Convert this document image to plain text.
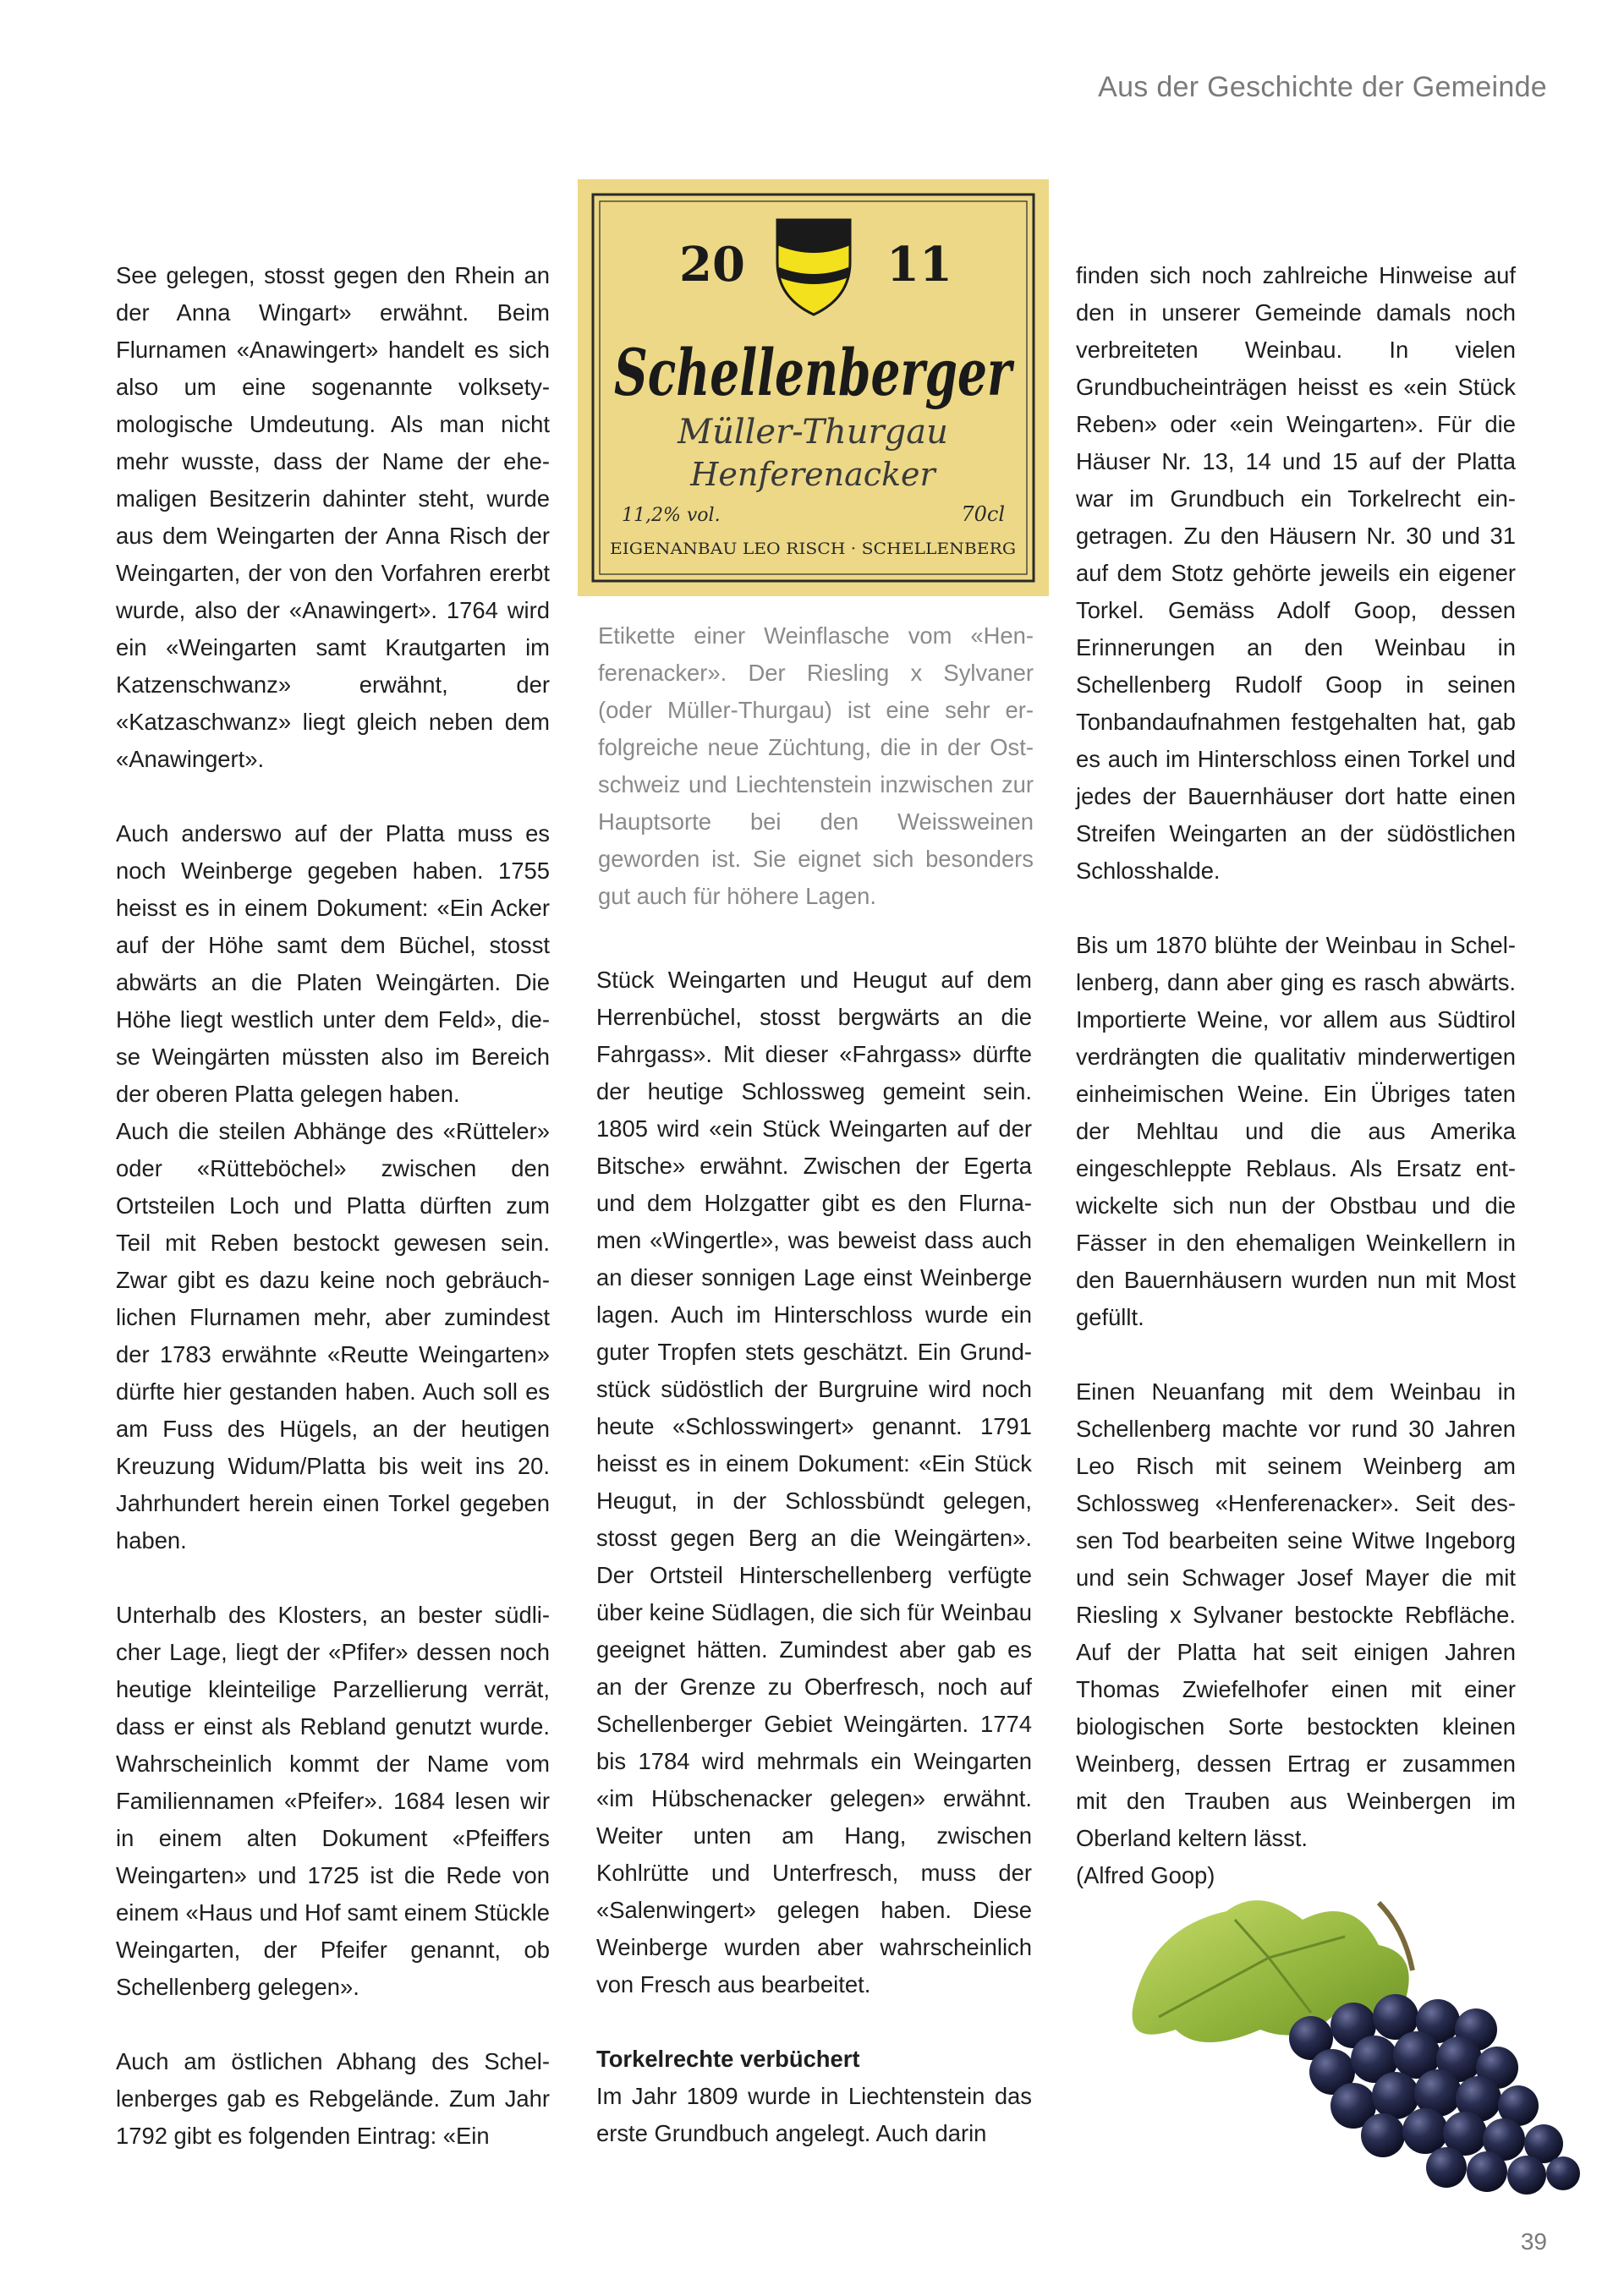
Aus der Geschichte der Gemeinde

See gelegen, stosst gegen den Rhein an der Anna Wingart» erwähnt. Beim Flurnamen «Anawingert» handelt es sich also um eine sogenannte volksetymologische Umdeutung. Als man nicht mehr wusste, dass der Name der ehemaligen Besitzerin dahinter steht, wurde aus dem Weingarten der Anna Risch der Weingarten, der von den Vorfahren ererbt wurde, also der «Anawingert». 1764 wird ein «Weingarten samt Krautgarten im Katzenschwanz» erwähnt, der «Katzaschwanz» liegt gleich neben dem «Anawingert».

Auch anderswo auf der Platta muss es noch Weinberge gegeben haben. 1755 heisst es in einem Dokument: «Ein Acker auf der Höhe samt dem Büchel, stosst abwärts an die Platen Weingärten. Die Höhe liegt westlich unter dem Feld», diese Weingärten müssten also im Bereich der oberen Platta gelegen haben.

Auch die steilen Abhänge des «Rütteler» oder «Rütteböchel» zwischen den Ortsteilen Loch und Platta dürften zum Teil mit Reben bestockt gewesen sein. Zwar gibt es dazu keine noch gebräuchlichen Flurnamen mehr, aber zumindest der 1783 erwähnte «Reutte Weingarten» dürfte hier gestanden haben. Auch soll es am Fuss des Hügels, an der heutigen Kreuzung Widum/Platta bis weit ins 20. Jahrhundert herein einen Torkel gegeben haben.

Unterhalb des Klosters, an bester südlicher Lage, liegt der «Pfifer» dessen noch heutige kleinteilige Parzellierung verrät, dass er einst als Rebland genutzt wurde. Wahrscheinlich kommt der Name vom Familiennamen «Pfeifer». 1684 lesen wir in einem alten Dokument «Pfeiffers Weingarten» und 1725 ist die Rede von einem «Haus und Hof samt einem Stückle Weingarten, der Pfeifer genannt, ob Schellenberg gelegen».

Auch am östlichen Abhang des Schellenberges gab es Rebgelände. Zum Jahr 1792 gibt es folgenden Eintrag: «Ein

20	11
Schellenberger
Müller-Thurgau
Henferenacker
11,2% vol.	70cl
EIGENANBAU LEO RISCH · SCHELLENBERG
Etikette einer Weinflasche vom «Henferenacker». Der Riesling x Sylvaner (oder Müller-Thurgau) ist eine sehr erfolgreiche neue Züchtung, die in der Ostschweiz und Liechtenstein inzwischen zur Hauptsorte bei den Weissweinen geworden ist. Sie eignet sich besonders gut auch für höhere Lagen.

Stück Weingarten und Heugut auf dem Herrenbüchel, stosst bergwärts an die Fahrgass». Mit dieser «Fahrgass» dürfte der heutige Schlossweg gemeint sein. 1805 wird «ein Stück Weingarten auf der Bitsche» erwähnt. Zwischen der Egerta und dem Holzgatter gibt es den Flurnamen «Wingertle», was beweist dass auch an dieser sonnigen Lage einst Weinberge lagen. Auch im Hinterschloss wurde ein guter Tropfen stets geschätzt. Ein Grundstück südöstlich der Burgruine wird noch heute «Schlosswingert» genannt. 1791 heisst es in einem Dokument: «Ein Stück Heugut, in der Schlossbündt gelegen, stosst gegen Berg an die Weingärten». Der Ortsteil Hinterschellenberg verfügte über keine Südlagen, die sich für Weinbau geeignet hätten. Zumindest aber gab es an der Grenze zu Oberfresch, noch auf Schellenberger Gebiet Weingärten. 1774 bis 1784 wird mehrmals ein Weingarten «im Hübschenacker gelegen» erwähnt. Weiter unten am Hang, zwischen Kohlrütte und Unterfresch, muss der «Salenwingert» gelegen haben. Diese Weinberge wurden aber wahrscheinlich von Fresch aus bearbeitet.

Torkelrechte verbüchert

Im Jahr 1809 wurde in Liechtenstein das erste Grundbuch angelegt. Auch darin

finden sich noch zahlreiche Hinweise auf den in unserer Gemeinde damals noch verbreiteten Weinbau. In vielen Grundbucheinträgen heisst es «ein Stück Reben» oder «ein Weingarten». Für die Häuser Nr. 13, 14 und 15 auf der Platta war im Grundbuch ein Torkelrecht eingetragen. Zu den Häusern Nr. 30 und 31 auf dem Stotz gehörte jeweils ein eigener Torkel. Gemäss Adolf Goop, dessen Erinnerungen an den Weinbau in Schellenberg Rudolf Goop in seinen Tonbandaufnahmen festgehalten hat, gab es auch im Hinterschloss einen Torkel und jedes der Bauernhäuser dort hatte einen Streifen Weingarten an der südöstlichen Schlosshalde.

Bis um 1870 blühte der Weinbau in Schellenberg, dann aber ging es rasch abwärts. Importierte Weine, vor allem aus Südtirol verdrängten die qualitativ minderwertigen einheimischen Weine. Ein Übriges taten der Mehltau und die aus Amerika eingeschleppte Reblaus. Als Ersatz entwickelte sich nun der Obstbau und die Fässer in den ehemaligen Weinkellern in den Bauernhäusern wurden nun mit Most gefüllt.

Einen Neuanfang mit dem Weinbau in Schellenberg machte vor rund 30 Jahren Leo Risch mit seinem Weinberg am Schlossweg «Henferenacker». Seit dessen Tod bearbeiten seine Witwe Ingeborg und sein Schwager Josef Mayer die mit Riesling x Sylvaner bestockte Rebfläche. Auf der Platta hat seit einigen Jahren Thomas Zwiefelhofer einen mit einer biologischen Sorte bestockten kleinen Weinberg, dessen Ertrag er zusammen mit den Trauben aus Weinbergen im Oberland keltern lässt.

(Alfred Goop)

39
